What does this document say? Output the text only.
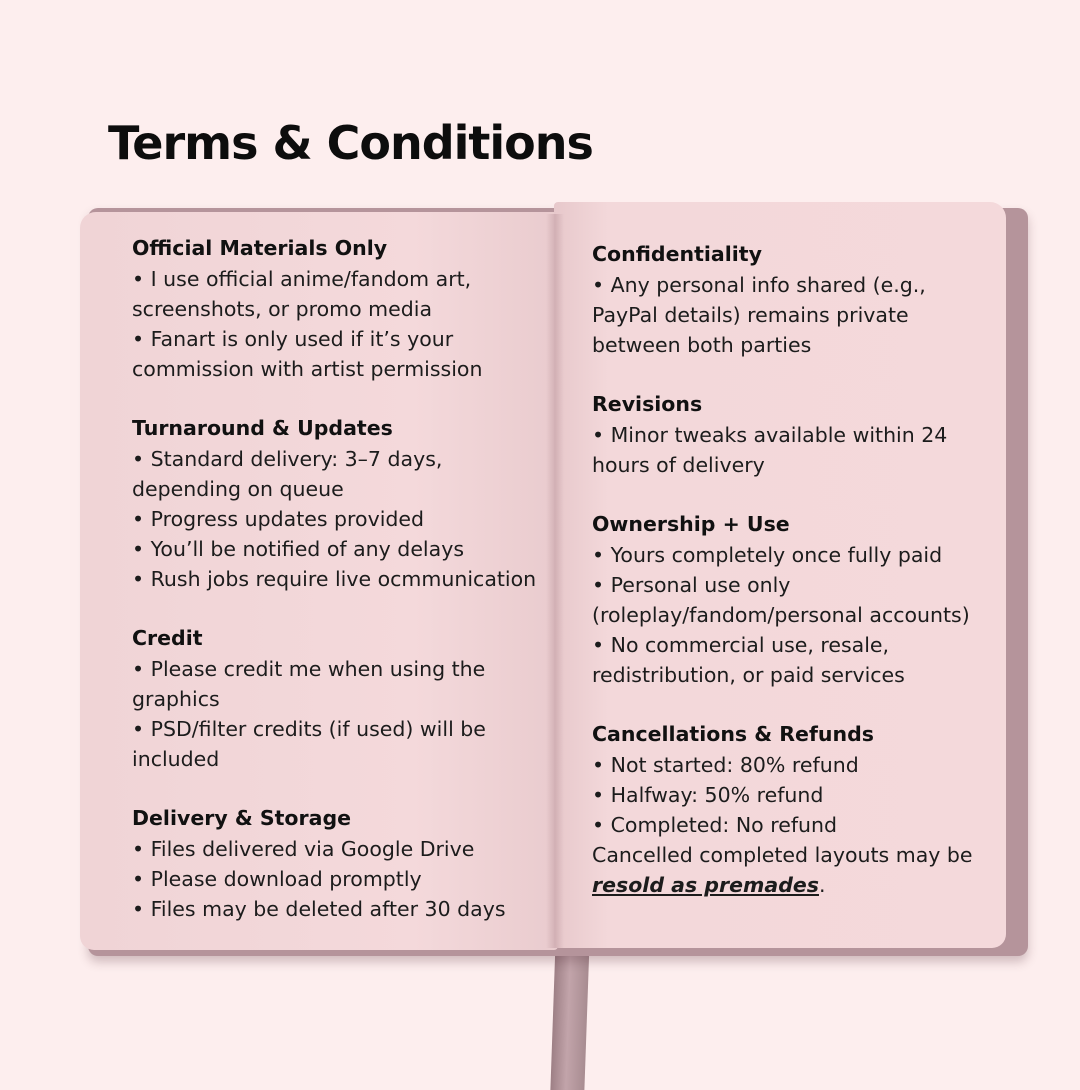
Terms & Conditions
Official Materials Only

• I use official anime/fandom art, screenshots, or promo media

• Fanart is only used if it’s your commission with artist permission

Turnaround & Updates

• Standard delivery: 3–7 days, depending on queue

• Progress updates provided

• You’ll be notified of any delays

• Rush jobs require live ocmmunication

Credit

• Please credit me when using the graphics

• PSD/filter credits (if used) will be included

Delivery & Storage

• Files delivered via Google Drive

• Please download promptly

• Files may be deleted after 30 days

Confidentiality

• Any personal info shared (e.g., PayPal details) remains private between both parties

Revisions

• Minor tweaks available within 24 hours of delivery

Ownership + Use

• Yours completely once fully paid

• Personal use only (roleplay/fandom/personal accounts)

• No commercial use, resale, redistribution, or paid services

Cancellations & Refunds

• Not started: 80% refund

• Halfway: 50% refund

• Completed: No refund

Cancelled completed layouts may be resold as premades.
